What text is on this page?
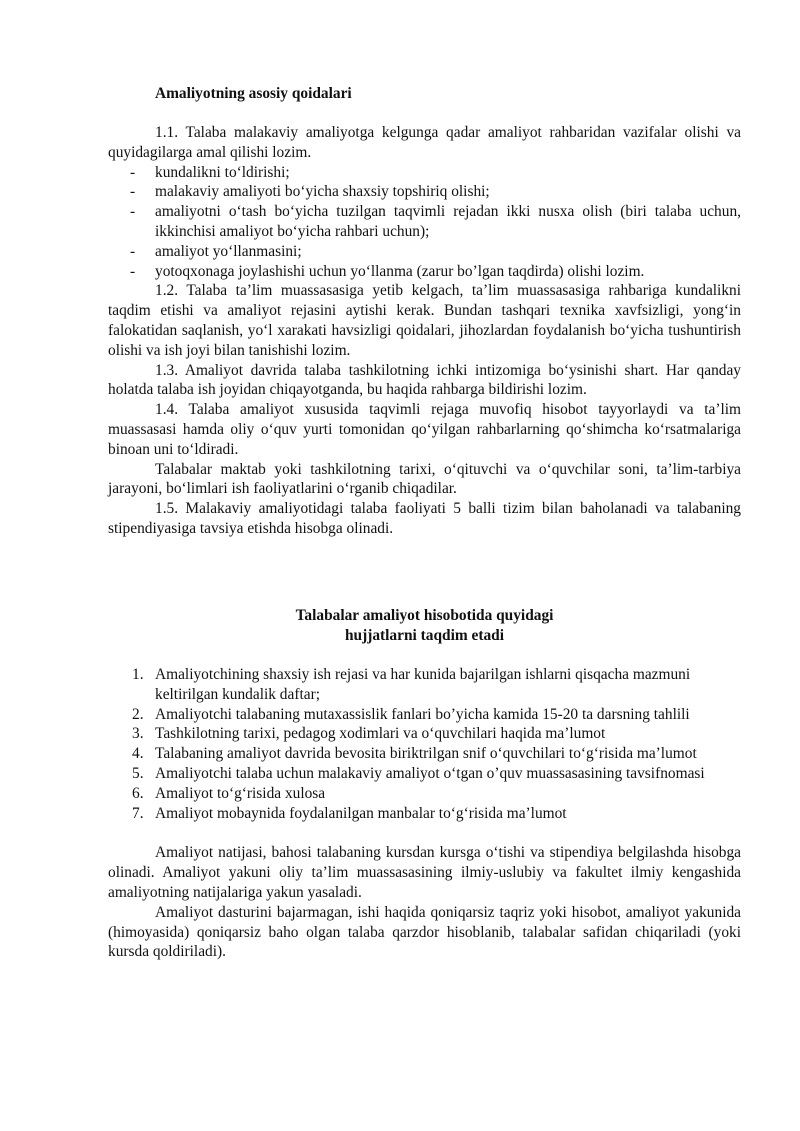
Amaliyotning asosiy qoidalari

1.1. Talaba malakaviy amaliyotga kelgunga qadar amaliyot rahbaridan vazifalar olishi va quyidagilarga amal qilishi lozim.

- kundalikni to‘ldirishi;
- malakaviy amaliyoti bo‘yicha shaxsiy topshiriq olishi;
- amaliyotni o‘tash bo‘yicha tuzilgan taqvimli rejadan ikki nusxa olish (biri talaba uchun, ikkinchisi amaliyot bo‘yicha rahbari uchun);
- amaliyot yo‘llanmasini;
- yotoqxonaga joylashishi uchun yo‘llanma (zarur bo’lgan taqdirda) olishi lozim.

1.2. Talaba ta’lim muassasasiga yetib kelgach, ta’lim muassasasiga rahbariga kundalikni taqdim etishi va amaliyot rejasini aytishi kerak. Bundan tashqari texnika xavfsizligi, yong‘in falokatidan saqlanish, yo‘l xarakati havsizligi qoidalari, jihozlardan foydalanish bo‘yicha tushuntirish olishi va ish joyi bilan tanishishi lozim.

1.3. Amaliyot davrida talaba tashkilotning ichki intizomiga bo‘ysinishi shart. Har qanday holatda talaba ish joyidan chiqayotganda, bu haqida rahbarga bildirishi lozim.

1.4. Talaba amaliyot xususida taqvimli rejaga muvofiq hisobot tayyorlaydi va ta’lim muassasasi hamda oliy o‘quv yurti tomonidan qo‘yilgan rahbarlarning qo‘shimcha ko‘rsatmalariga binoan uni to‘ldiradi.

Talabalar maktab yoki tashkilotning tarixi, o‘qituvchi va o‘quvchilar soni, ta’lim-tarbiya jarayoni, bo‘limlari ish faoliyatlarini o‘rganib chiqadilar.

1.5. Malakaviy amaliyotidagi talaba faoliyati 5 balli tizim bilan baholanadi va talabaning stipendiyasiga tavsiya etishda hisobga olinadi.

Talabalar amaliyot hisobotida quyidagi
hujjatlarni taqdim etadi
1. Amaliyotchining shaxsiy ish rejasi va har kunida bajarilgan ishlarni qisqacha mazmuni keltirilgan kundalik daftar;
2. Amaliyotchi talabaning mutaxassislik fanlari bo’yicha kamida 15-20 ta darsning tahlili
3. Tashkilotning tarixi, pedagog xodimlari va o‘quvchilari haqida ma’lumot
4. Talabaning amaliyot davrida bevosita biriktrilgan snif o‘quvchilari to‘g‘risida ma’lumot
5. Amaliyotchi talaba uchun malakaviy amaliyot o‘tgan o’quv muassasasining tavsifnomasi
6. Amaliyot to‘g‘risida xulosa
7. Amaliyot mobaynida foydalanilgan manbalar to‘g‘risida ma’lumot

Amaliyot natijasi, bahosi talabaning kursdan kursga o‘tishi va stipendiya belgilashda hisobga olinadi. Amaliyot yakuni oliy ta’lim muassasasining ilmiy-uslubiy va fakultet ilmiy kengashida amaliyotning natijalariga yakun yasaladi.

Amaliyot dasturini bajarmagan, ishi haqida qoniqarsiz taqriz yoki hisobot, amaliyot yakunida (himoyasida) qoniqarsiz baho olgan talaba qarzdor hisoblanib, talabalar safidan chiqariladi (yoki kursda qoldiriladi).
